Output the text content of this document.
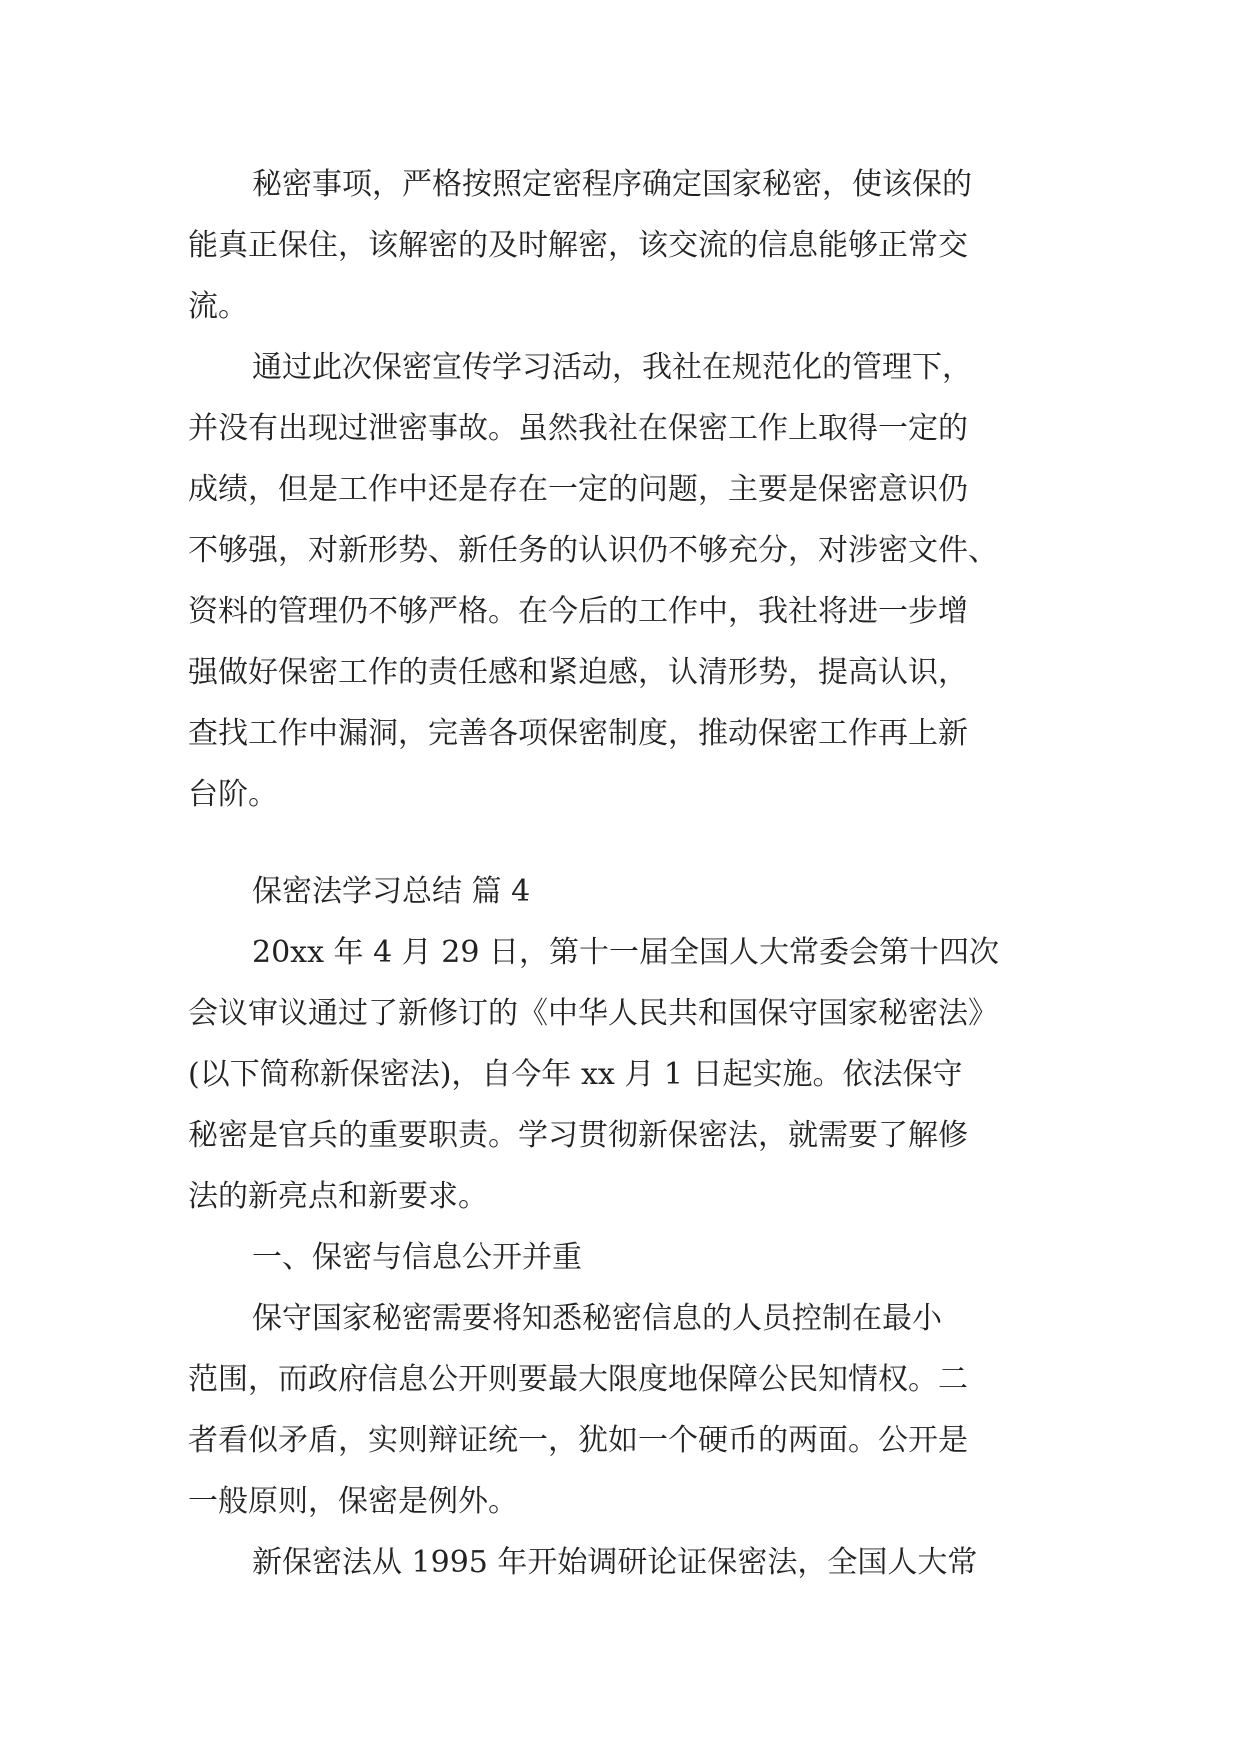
秘密事项，严格按照定密程序确定国家秘密，使该保的
能真正保住，该解密的及时解密，该交流的信息能够正常交
流。
通过此次保密宣传学习活动，我社在规范化的管理下，
并没有出现过泄密事故。虽然我社在保密工作上取得一定的
成绩，但是工作中还是存在一定的问题，主要是保密意识仍
不够强，对新形势、新任务的认识仍不够充分，对涉密文件、
资料的管理仍不够严格。在今后的工作中，我社将进一步增
强做好保密工作的责任感和紧迫感，认清形势，提高认识，
查找工作中漏洞，完善各项保密制度，推动保密工作再上新
台阶。
保密法学习总结 篇 4
20xx 年 4 月 29 日，第十一届全国人大常委会第十四次
会议审议通过了新修订的《中华人民共和国保守国家秘密法》
(以下简称新保密法)，自今年 xx 月 1 日起实施。依法保守
秘密是官兵的重要职责。学习贯彻新保密法，就需要了解修
法的新亮点和新要求。
一、保密与信息公开并重
保守国家秘密需要将知悉秘密信息的人员控制在最小
范围，而政府信息公开则要最大限度地保障公民知情权。二
者看似矛盾，实则辩证统一，犹如一个硬币的两面。公开是
一般原则，保密是例外。
新保密法从 1995 年开始调研论证保密法，全国人大常
